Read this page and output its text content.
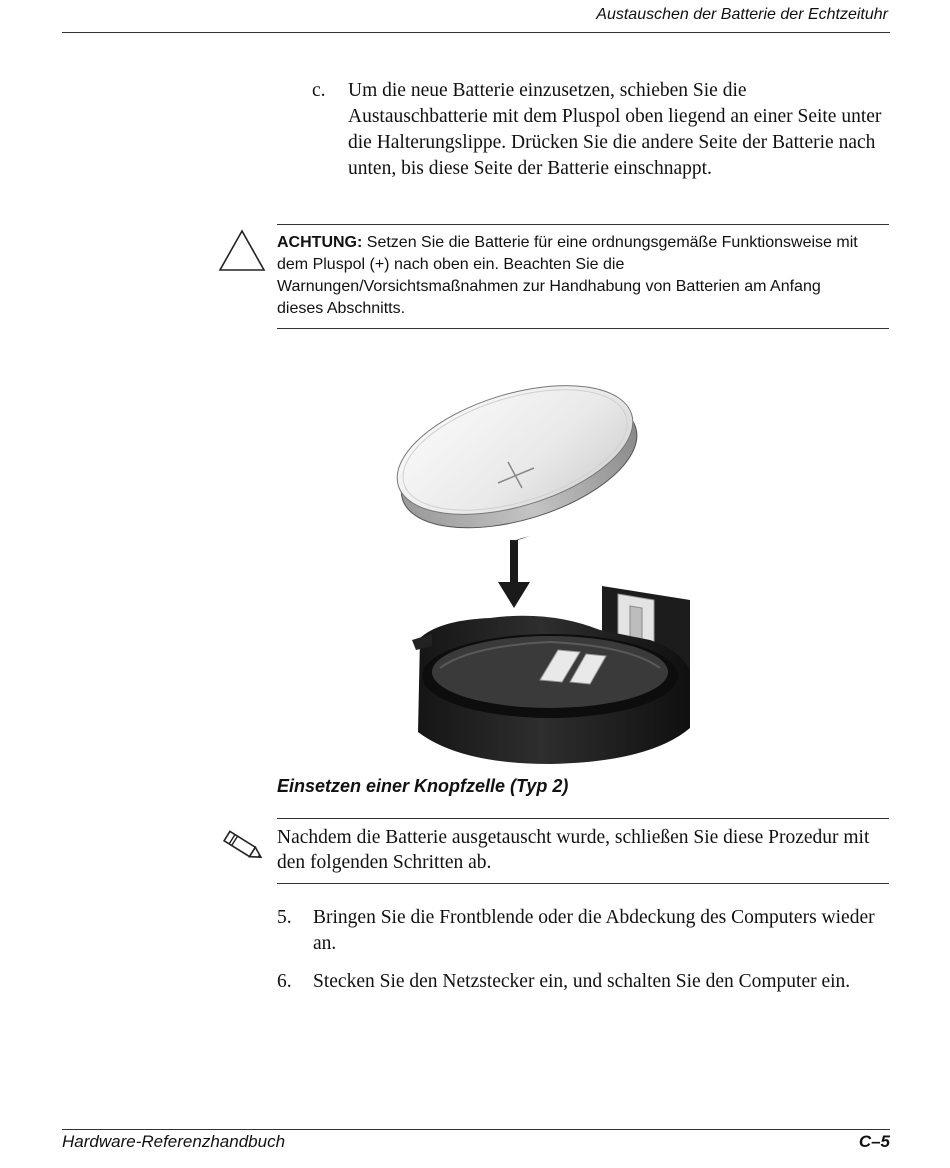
Austauschen der Batterie der Echtzeituhr
c. Um die neue Batterie einzusetzen, schieben Sie die Austauschbatterie mit dem Pluspol oben liegend an einer Seite unter die Halterungslippe. Drücken Sie die andere Seite der Batterie nach unten, bis diese Seite der Batterie einschnappt.
ACHTUNG: Setzen Sie die Batterie für eine ordnungsgemäße Funktionsweise mit dem Pluspol (+) nach oben ein. Beachten Sie die Warnungen/Vorsichtsmaßnahmen zur Handhabung von Batterien am Anfang dieses Abschnitts.
Einsetzen einer Knopfzelle (Typ 2)
Nachdem die Batterie ausgetauscht wurde, schließen Sie diese Prozedur mit den folgenden Schritten ab.
5. Bringen Sie die Frontblende oder die Abdeckung des Computers wieder an.
6. Stecken Sie den Netzstecker ein, und schalten Sie den Computer ein.
Hardware-Referenzhandbuch	C–5
